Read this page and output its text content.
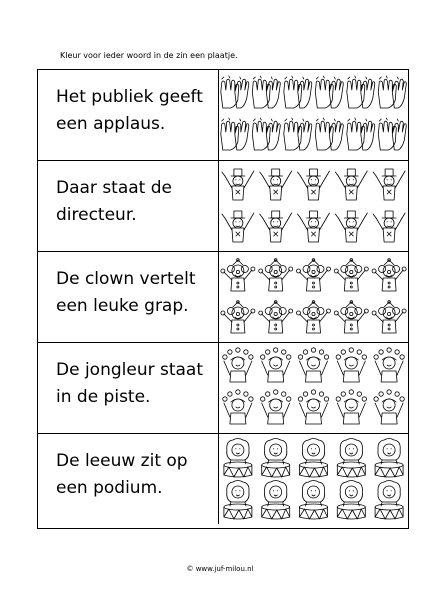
Kleur voor ieder woord in de zin een plaatje.
Het publiek geeft
een applaus.
Daar staat de
directeur.
De clown vertelt
een leuke grap.
De jongleur staat
in de piste.
De leeuw zit op
een podium.
© www.juf-milou.nl
